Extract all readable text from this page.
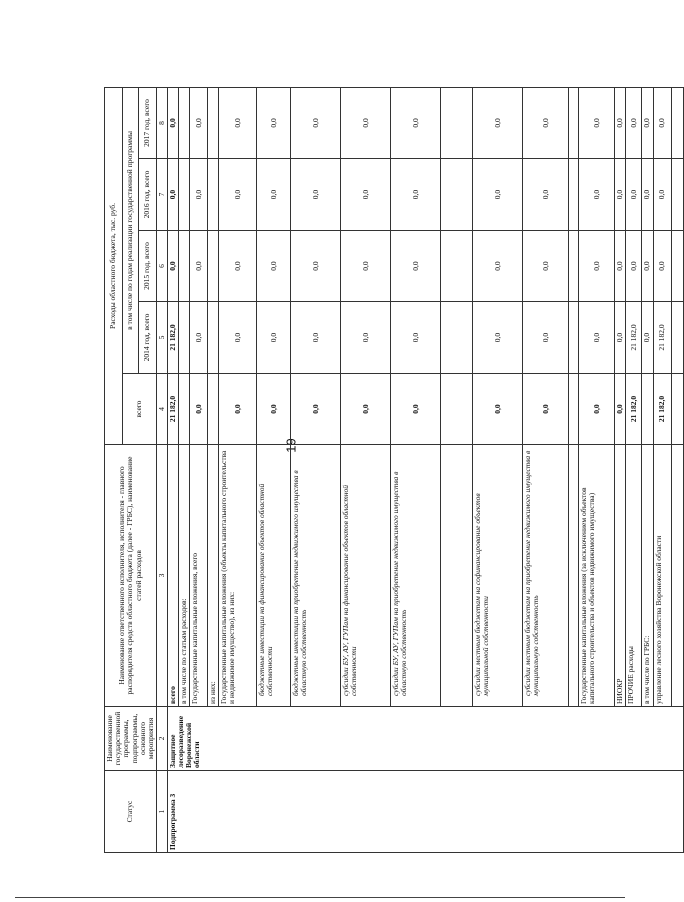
19
Статус	Наименование государственной программы, подпрограммы, основного мероприятия	Наименование ответственного исполнителя, исполнителя - главного распорядителя средств областного бюджета (далее - ГРБС), наименование статей расходов	Расходы областного бюджета, тыс. руб.				
			всего	в том числе по годам реализации государственной программы			
				2014 год, всего	2015 год, всего	2016 год, всего	2017 год, всего
1	2	3	4	5	6	7	8
Подпрограмма 3	Защитное лесоразведение Воронежской области	всего	21 182,0	21 182,0	0,0	0,0	0,0
		в том числе по статьям расходов:					
		Государственные капитальные вложения, всего	0,0	0,0	0,0	0,0	0,0
		из них:					
		Государственные капитальные вложения (объекты капитального строительства и недвижимое имущество), из них:	0,0	0,0	0,0	0,0	0,0
		бюджетные инвестиции на финансирование объектов областной собственности	0,0	0,0	0,0	0,0	0,0
		бюджетные инвестиции на приобретение недвижимого имущества в областную собственность	0,0	0,0	0,0	0,0	0,0
		субсидии БУ, АУ, ГУПам на финансирование объектов областной собственности	0,0	0,0	0,0	0,0	0,0
		субсидии БУ, АУ, ГУПам на приобретение недвижимого имущества в областную собственность	0,0	0,0	0,0	0,0	0,0

		субсидии местным бюджетам на софинансирование объектов муниципальной собственности	0,0	0,0	0,0	0,0	0,0
		субсидии местным бюджетам на приобретение недвижимого имущества в муниципальную собственность	0,0	0,0	0,0	0,0	0,0

		Государственные капитальные вложения (за исключением объектов капитального строительства и объектов недвижимого имущества)	0,0	0,0	0,0	0,0	0,0
		НИОКР	0,0	0,0	0,0	0,0	0,0
		ПРОЧИЕ расходы	21 182,0	21 182,0	0,0	0,0	0,0
		в том числе по ГРБС:		0,0	0,0	0,0	0,0
		управление лесного хозяйства Воронежской области	21 182,0	21 182,0	0,0	0,0	0,0
